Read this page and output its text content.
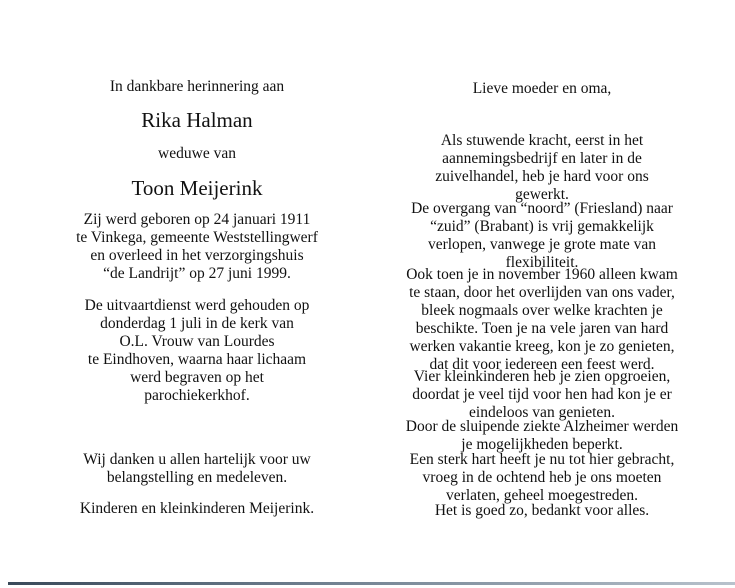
In dankbare herinnering aan
Rika Halman
weduwe van
Toon Meijerink
Zij werd geboren op 24 januari 1911
te Vinkega, gemeente Weststellingwerf
en overleed in het verzorgingshuis
“de Landrijt” op 27 juni 1999.
De uitvaartdienst werd gehouden op
donderdag 1 juli in de kerk van
O.L. Vrouw van Lourdes
te Eindhoven, waarna haar lichaam
werd begraven op het
parochiekerkhof.
Wij danken u allen hartelijk voor uw
belangstelling en medeleven.
Kinderen en kleinkinderen Meijerink.
Lieve moeder en oma,
Als stuwende kracht, eerst in het
aannemingsbedrijf en later in de
zuivelhandel, heb je hard voor ons
gewerkt.
De overgang van “noord” (Friesland) naar
“zuid” (Brabant) is vrij gemakkelijk
verlopen, vanwege je grote mate van
flexibiliteit.
Ook toen je in november 1960 alleen kwam
te staan, door het overlijden van ons vader,
bleek nogmaals over welke krachten je
beschikte. Toen je na vele jaren van hard
werken vakantie kreeg, kon je zo genieten,
dat dit voor iedereen een feest werd.
Vier kleinkinderen heb je zien opgroeien,
doordat je veel tijd voor hen had kon je er
eindeloos van genieten.
Door de sluipende ziekte Alzheimer werden
je mogelijkheden beperkt.
Een sterk hart heeft je nu tot hier gebracht,
vroeg in de ochtend heb je ons moeten
verlaten, geheel moegestreden.
Het is goed zo, bedankt voor alles.
